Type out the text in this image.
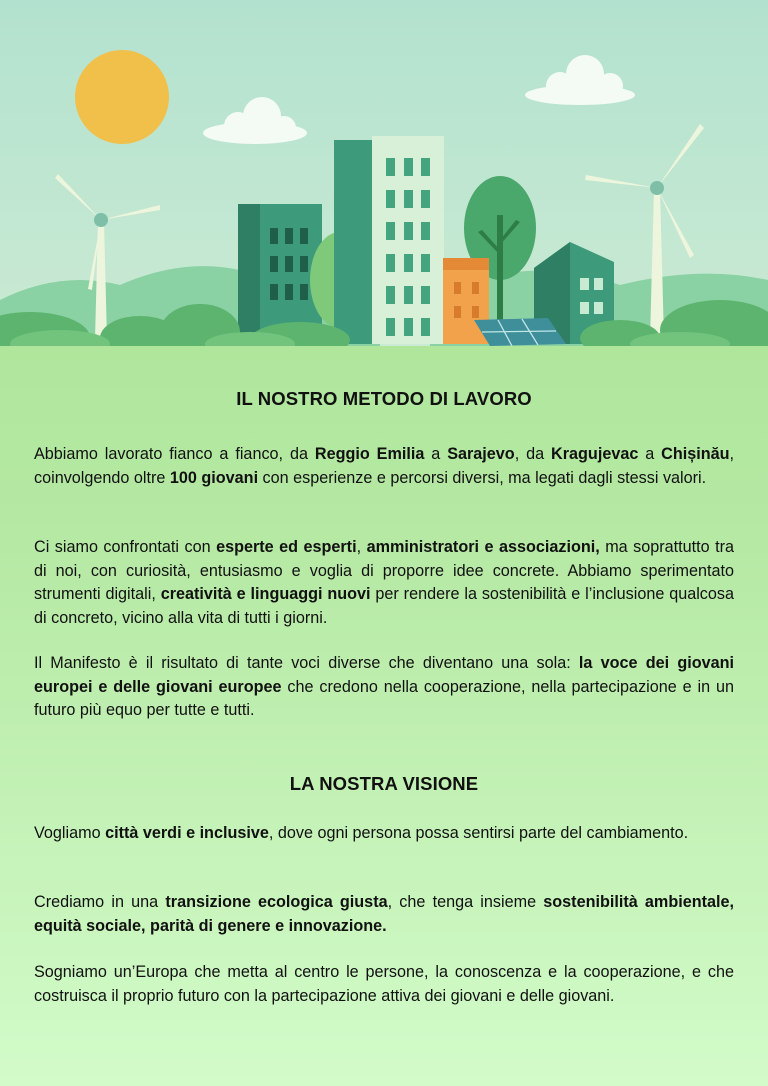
IL NOSTRO METODO DI LAVORO

Abbiamo lavorato fianco a fianco, da Reggio Emilia a Sarajevo, da Kragujevac a Chișinău, coinvolgendo oltre 100 giovani con esperienze e percorsi diversi, ma legati dagli stessi valori.

Ci siamo confrontati con esperte ed esperti, amministratori e associazioni, ma soprattutto tra di noi, con curiosità, entusiasmo e voglia di proporre idee concrete. Abbiamo sperimentato strumenti digitali, creatività e linguaggi nuovi per rendere la sostenibilità e l’inclusione qualcosa di concreto, vicino alla vita di tutti i giorni.

Il Manifesto è il risultato di tante voci diverse che diventano una sola: la voce dei giovani europei e delle giovani europee che credono nella cooperazione, nella partecipazione e in un futuro più equo per tutte e tutti.

LA NOSTRA VISIONE

Vogliamo città verdi e inclusive, dove ogni persona possa sentirsi parte del cambiamento.

Crediamo in una transizione ecologica giusta, che tenga insieme sostenibilità ambientale, equità sociale, parità di genere e innovazione.

Sogniamo un’Europa che metta al centro le persone, la conoscenza e la cooperazione, e che costruisca il proprio futuro con la partecipazione attiva dei giovani e delle giovani.
